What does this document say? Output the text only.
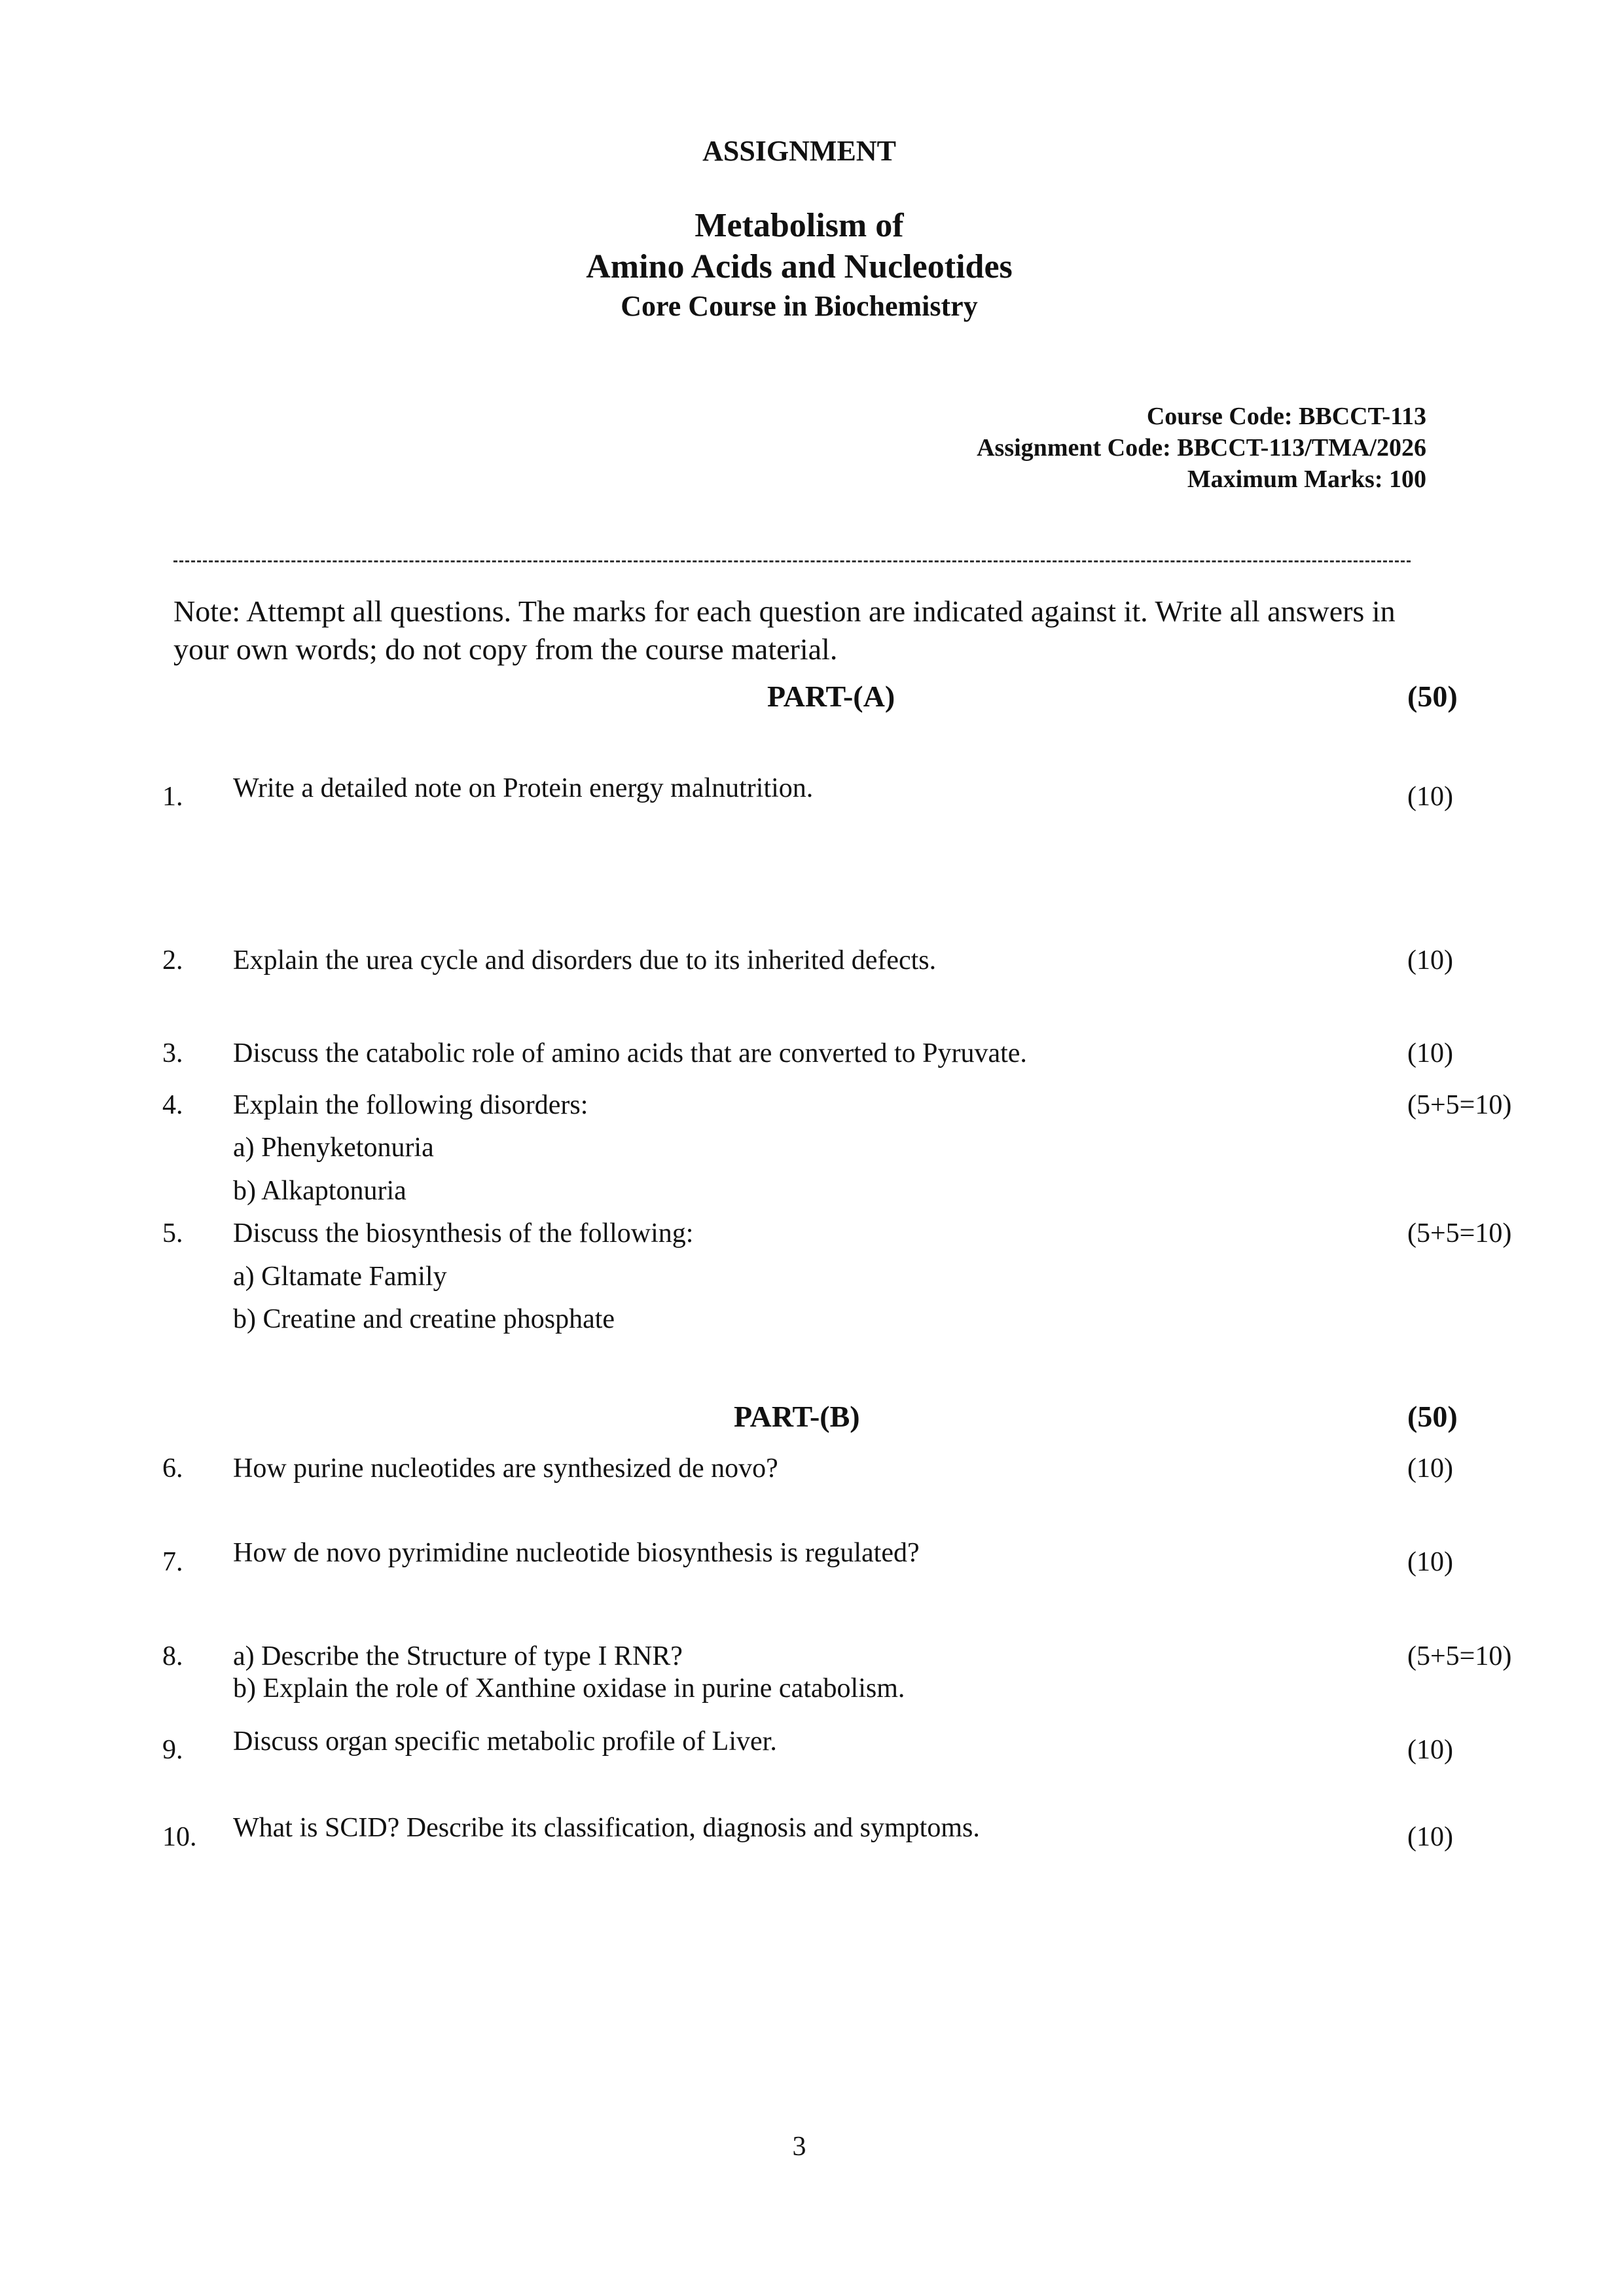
ASSIGNMENT
Metabolism of
Amino Acids and Nucleotides
Core Course in Biochemistry
Course Code: BBCCT-113
Assignment Code: BBCCT-113/TMA/2026
Maximum Marks: 100
Note: Attempt all questions. The marks for each question are indicated against it. Write all answers in your own words; do not copy from the course material.
PART-(A)	(50)
1. Write a detailed note on Protein energy malnutrition.	(10)
2. Explain the urea cycle and disorders due to its inherited defects.	(10)
3. Discuss the catabolic role of amino acids that are converted to Pyruvate.	(10)
4. Explain the following disorders:	(5+5=10)
a) Phenyketonuria
b) Alkaptonuria
5. Discuss the biosynthesis of the following:	(5+5=10)
a) Gltamate Family
b) Creatine and creatine phosphate
PART-(B)	(50)
6. How purine nucleotides are synthesized de novo?	(10)
7. How de novo pyrimidine nucleotide biosynthesis is regulated?	(10)
8. a) Describe the Structure of type I RNR?	(5+5=10)
b) Explain the role of Xanthine oxidase in purine catabolism.
9. Discuss organ specific metabolic profile of Liver.	(10)
10. What is SCID? Describe its classification, diagnosis and symptoms.	(10)
3
